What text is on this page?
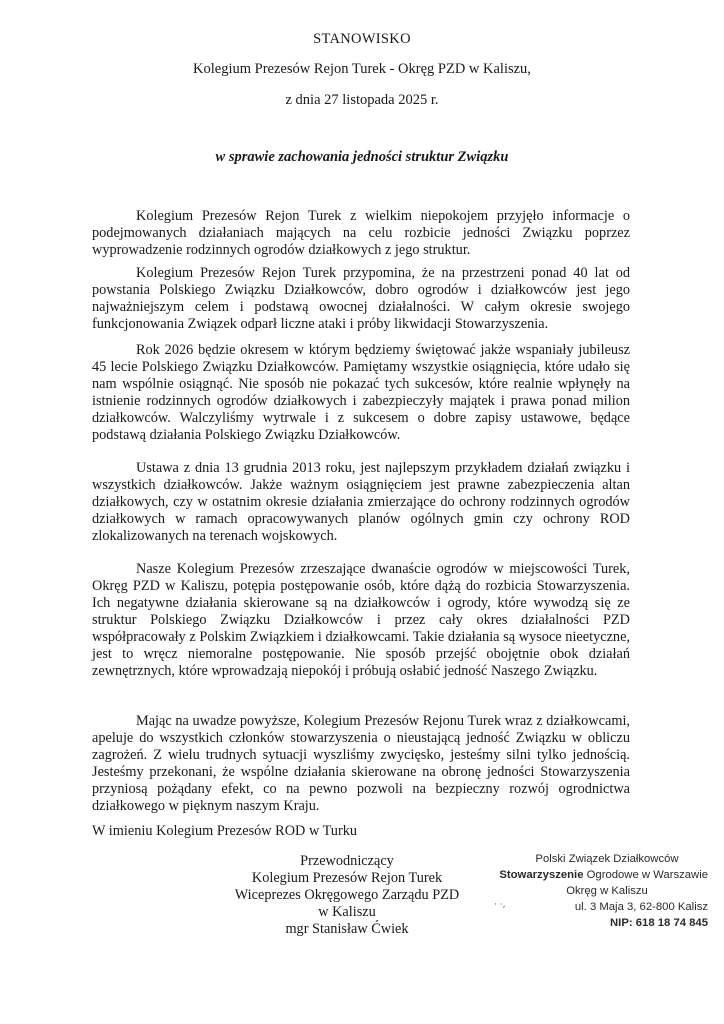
STANOWISKO
Kolegium Prezesów Rejon Turek - Okręg PZD w Kaliszu,
z dnia 27 listopada 2025 r.
w sprawie zachowania jedności struktur Związku

Kolegium Prezesów Rejon Turek z wielkim niepokojem przyjęło informacje o podejmowanych działaniach mających na celu rozbicie jedności Związku poprzez wyprowadzenie rodzinnych ogrodów działkowych z jego struktur.

Kolegium Prezesów Rejon Turek przypomina, że na przestrzeni ponad 40 lat od powstania Polskiego Związku Działkowców, dobro ogrodów i działkowców jest jego najważniejszym celem i podstawą owocnej działalności. W całym okresie swojego funkcjonowania Związek odparł liczne ataki i próby likwidacji Stowarzyszenia.

Rok 2026 będzie okresem w którym będziemy świętować jakże wspaniały jubileusz 45 lecie Polskiego Związku Działkowców. Pamiętamy wszystkie osiągnięcia, które udało się nam wspólnie osiągnąć. Nie sposób nie pokazać tych sukcesów, które realnie wpłynęły na istnienie rodzinnych ogrodów działkowych i zabezpieczyły majątek i prawa ponad milion działkowców. Walczyliśmy wytrwale i z sukcesem o dobre zapisy ustawowe, będące podstawą działania Polskiego Związku Działkowców.

Ustawa z dnia 13 grudnia 2013 roku, jest najlepszym przykładem działań związku i wszystkich działkowców. Jakże ważnym osiągnięciem jest prawne zabezpieczenia altan działkowych, czy w ostatnim okresie działania zmierzające do ochrony rodzinnych ogrodów działkowych w ramach opracowywanych planów ogólnych gmin czy ochrony ROD zlokalizowanych na terenach wojskowych.

Nasze Kolegium Prezesów zrzeszające dwanaście ogrodów w miejscowości Turek, Okręg PZD w Kaliszu, potępia postępowanie osób, które dążą do rozbicia Stowarzyszenia. Ich negatywne działania skierowane są na działkowców i ogrody, które wywodzą się ze struktur Polskiego Związku Działkowców i przez cały okres działalności PZD współpracowały z Polskim Związkiem i działkowcami. Takie działania są wysoce nieetyczne, jest to wręcz niemoralne postępowanie. Nie sposób przejść obojętnie obok działań zewnętrznych, które wprowadzają niepokój i próbują osłabić jedność Naszego Związku.

Mając na uwadze powyższe, Kolegium Prezesów Rejonu Turek wraz z działkowcami, apeluje do wszystkich członków stowarzyszenia o nieustającą jedność Związku w obliczu zagrożeń. Z wielu trudnych sytuacji wyszliśmy zwycięsko, jesteśmy silni tylko jednością. Jesteśmy przekonani, że wspólne działania skierowane na obronę jedności Stowarzyszenia przyniosą pożądany efekt, co na pewno pozwoli na bezpieczny rozwój ogrodnictwa działkowego w pięknym naszym Kraju.

W imieniu Kolegium Prezesów ROD w Turku
Przewodniczący
Kolegium Prezesów Rejon Turek
Wiceprezes Okręgowego Zarządu PZD
w Kaliszu
mgr Stanisław Ćwiek
Polski Związek Działkowców
Stowarzyszenie Ogrodowe w Warszawie
Okręg w Kaliszu
ul. 3 Maja 3, 62-800 Kalisz
NIP: 618 18 74 845
· ·,
